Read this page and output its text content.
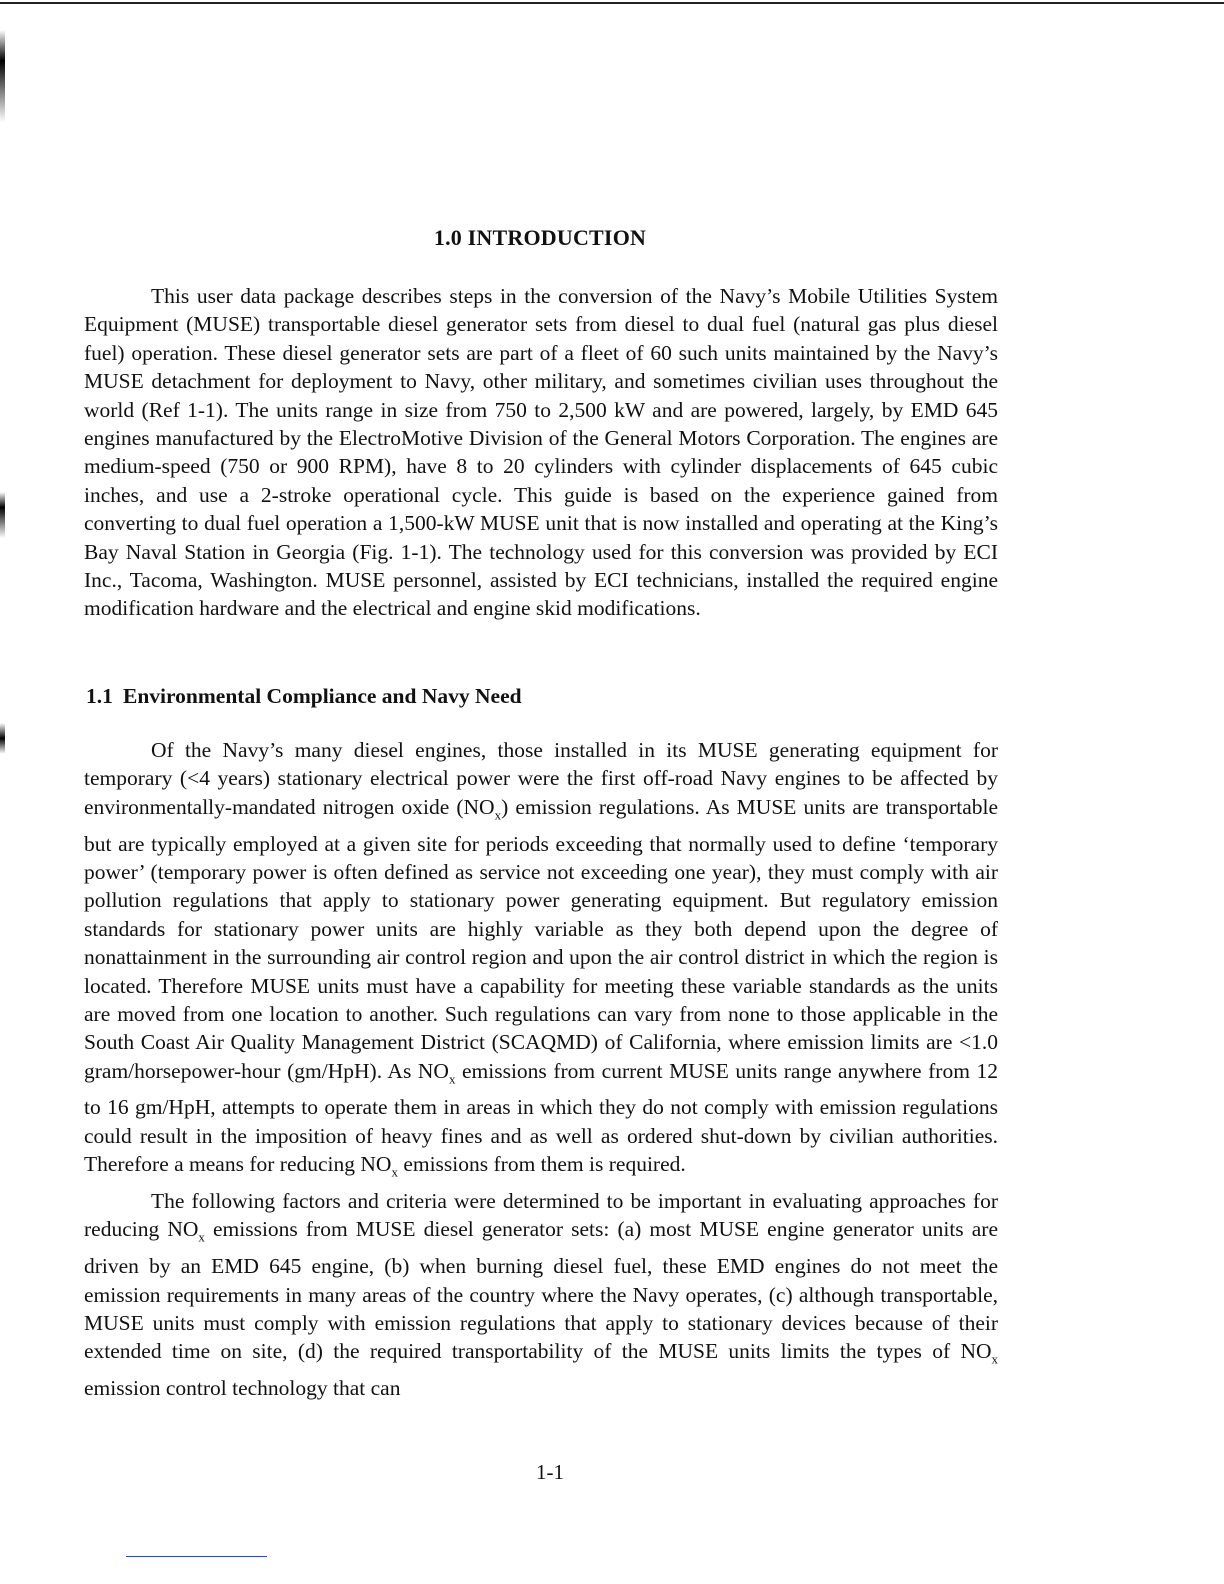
1.0 INTRODUCTION

This user data package describes steps in the conversion of the Navy’s Mobile Utilities System Equipment (MUSE) transportable diesel generator sets from diesel to dual fuel (natural gas plus diesel fuel) operation. These diesel generator sets are part of a fleet of 60 such units maintained by the Navy’s MUSE detachment for deployment to Navy, other military, and sometimes civilian uses throughout the world (Ref 1-1). The units range in size from 750 to 2,500 kW and are powered, largely, by EMD 645 engines manufactured by the ElectroMotive Division of the General Motors Corporation. The engines are medium-speed (750 or 900 RPM), have 8 to 20 cylinders with cylinder displacements of 645 cubic inches, and use a 2-stroke operational cycle. This guide is based on the experience gained from converting to dual fuel operation a 1,500-kW MUSE unit that is now installed and operating at the King’s Bay Naval Station in Georgia (Fig. 1-1). The technology used for this conversion was provided by ECI Inc., Tacoma, Washington. MUSE personnel, assisted by ECI technicians, installed the required engine modification hardware and the electrical and engine skid modifications.

1.1 Environmental Compliance and Navy Need

Of the Navy’s many diesel engines, those installed in its MUSE generating equipment for temporary (<4 years) stationary electrical power were the first off-road Navy engines to be affected by environmentally-mandated nitrogen oxide $(NO_x)$ emission regulations. As MUSE units are transportable but are typically employed at a given site for periods exceeding that normally used to define ‘temporary power’ (temporary power is often defined as service not exceeding one year), they must comply with air pollution regulations that apply to stationary power generating equipment. But regulatory emission standards for stationary power units are highly variable as they both depend upon the degree of nonattainment in the surrounding air control region and upon the air control district in which the region is located. Therefore MUSE units must have a capability for meeting these variable standards as the units are moved from one location to another. Such regulations can vary from none to those applicable in the South Coast Air Quality Management District (SCAQMD) of California, where emission limits are <1.0 gram/horsepower-hour (gm/HpH). As $NO_x$ emissions from current MUSE units range anywhere from 12 to 16 gm/HpH, attempts to operate them in areas in which they do not comply with emission regulations could result in the imposition of heavy fines and as well as ordered shut-down by civilian authorities. Therefore a means for reducing $NO_x$ emissions from them is required.

The following factors and criteria were determined to be important in evaluating approaches for reducing $NO_x$ emissions from MUSE diesel generator sets: (a) most MUSE engine generator units are driven by an EMD 645 engine, (b) when burning diesel fuel, these EMD engines do not meet the emission requirements in many areas of the country where the Navy operates, (c) although transportable, MUSE units must comply with emission regulations that apply to stationary devices because of their extended time on site, (d) the required transportability of the MUSE units limits the types of $NO_x$ emission control technology that can

1-1
